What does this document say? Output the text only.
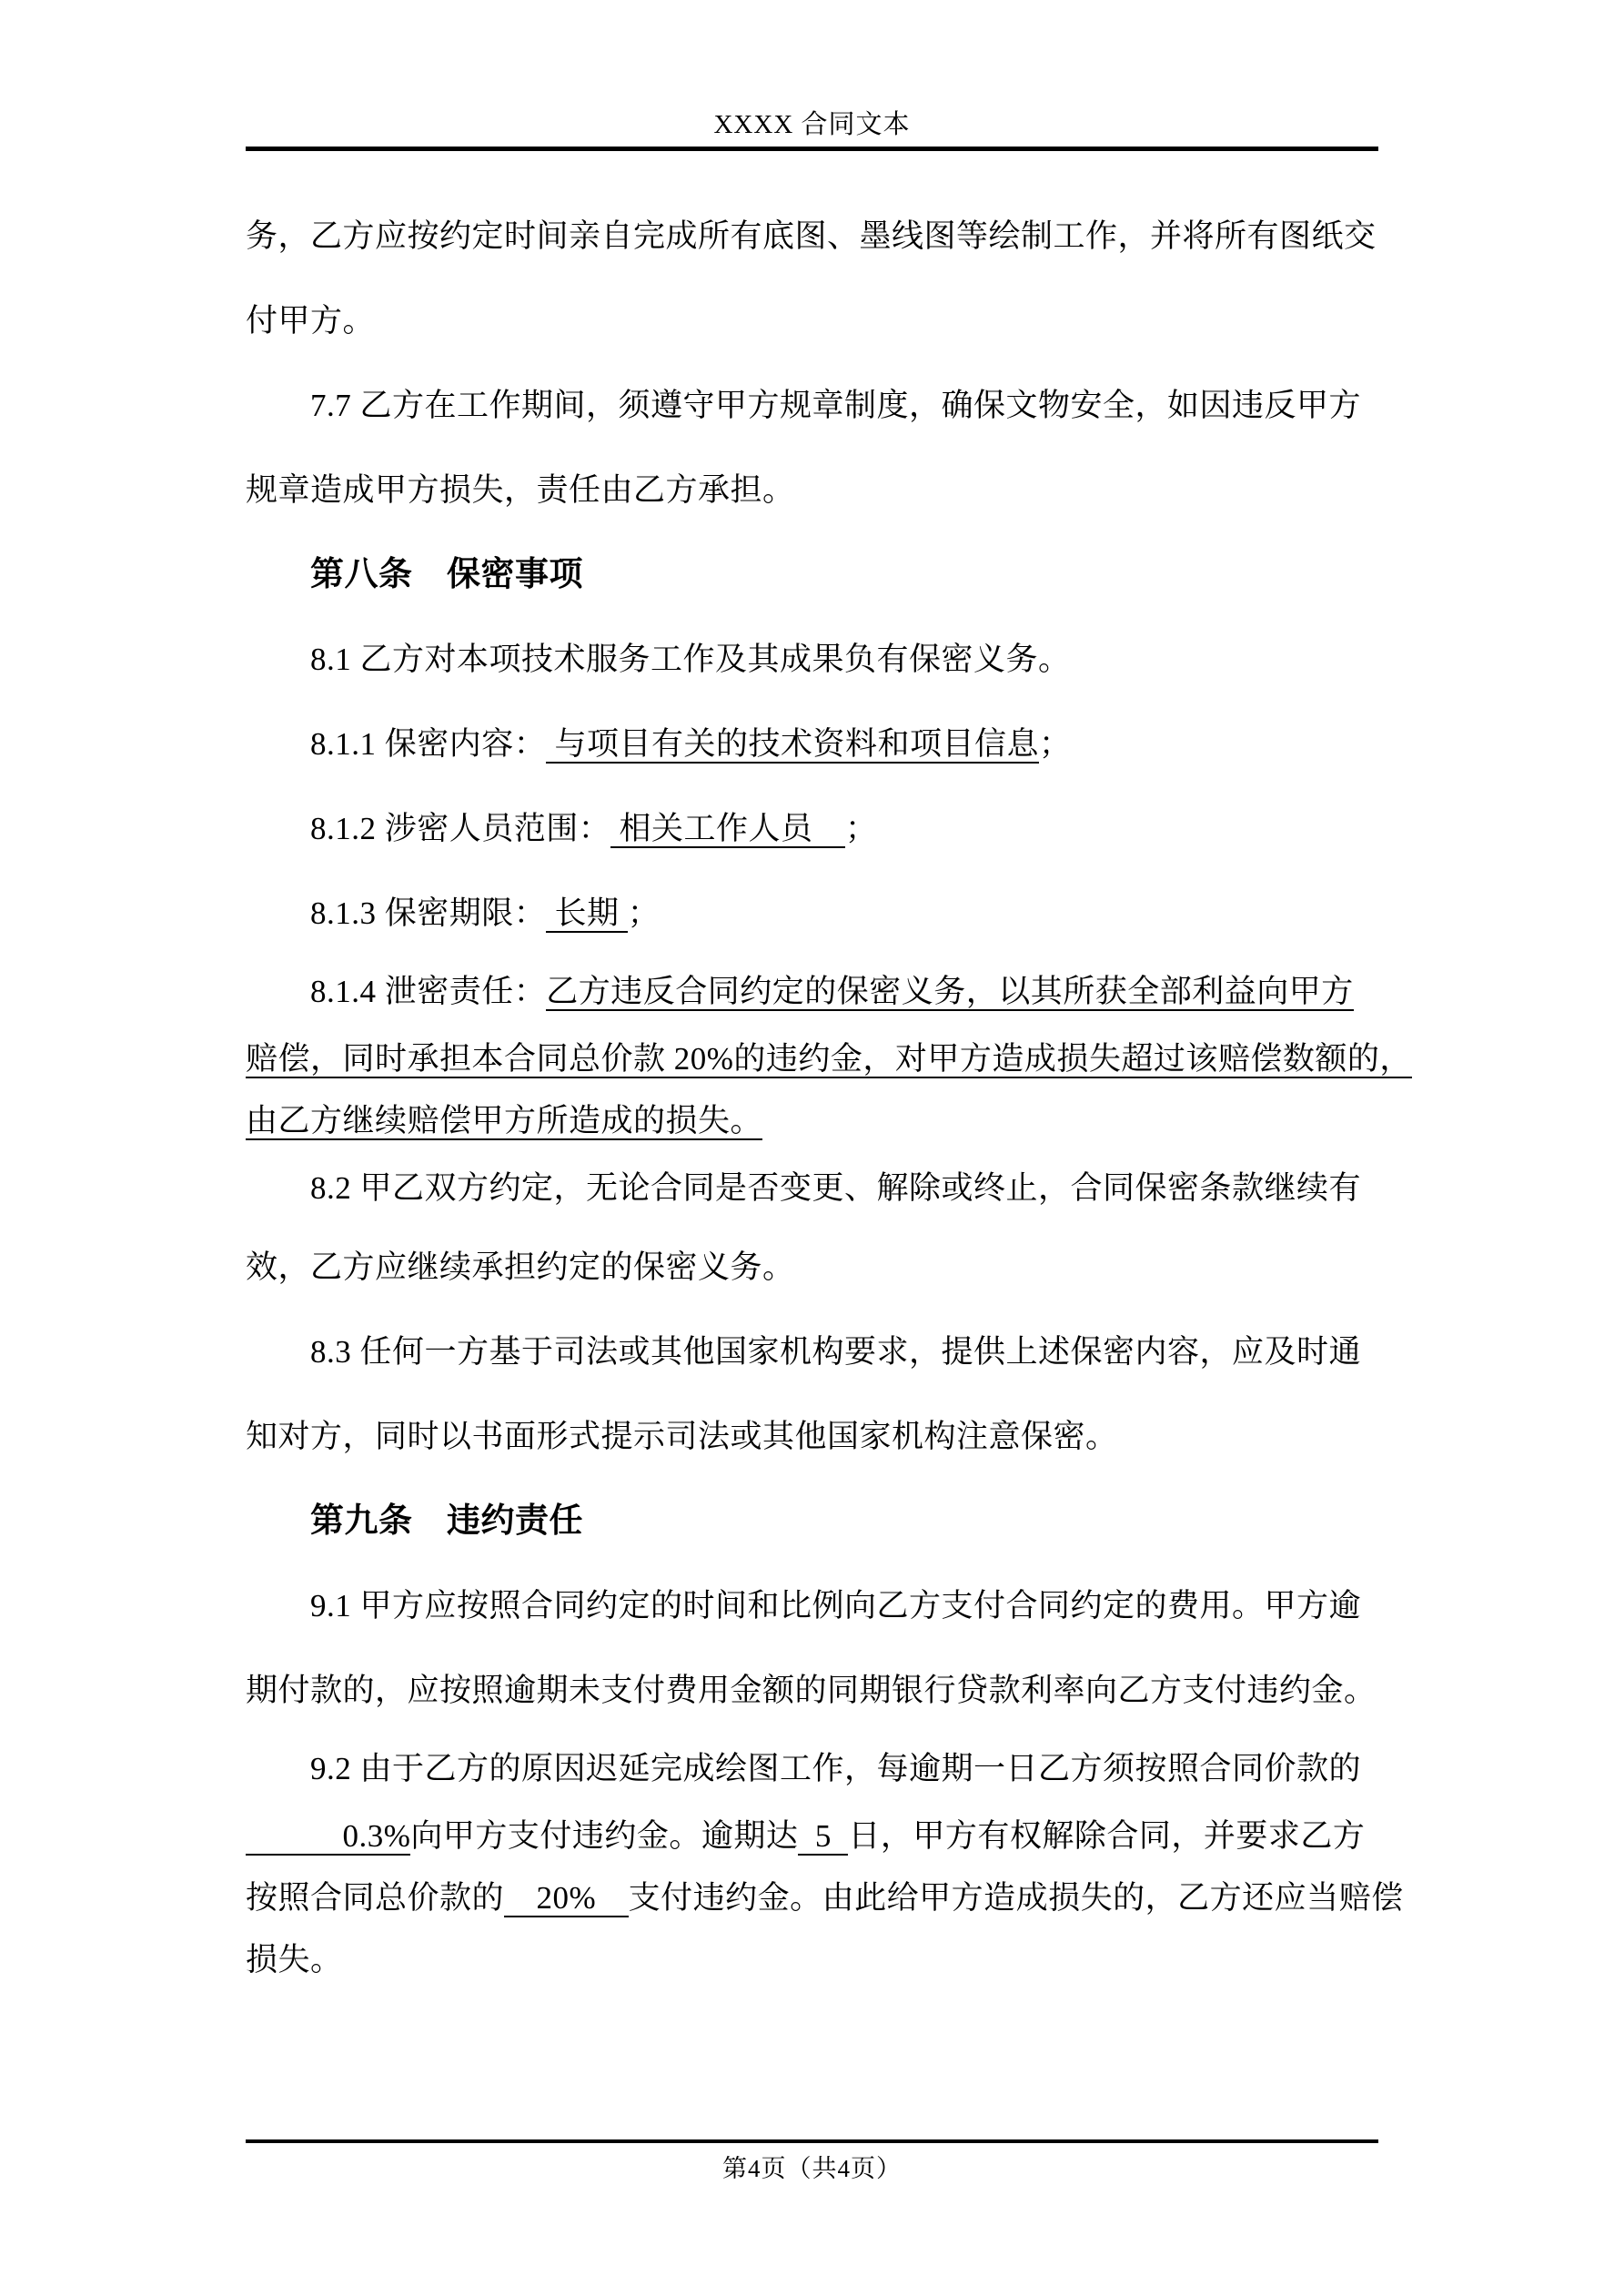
XXXX 合同文本
务，乙方应按约定时间亲自完成所有底图、墨线图等绘制工作，并将所有图纸交
付甲方。
7.7 乙方在工作期间，须遵守甲方规章制度，确保文物安全，如因违反甲方
规章造成甲方损失，责任由乙方承担。
第八条　保密事项
8.1 乙方对本项技术服务工作及其成果负有保密义务。
8.1.1 保密内容： 与项目有关的技术资料和项目信息；
8.1.2 涉密人员范围： 相关工作人员　；
8.1.3 保密期限： 长期 ；
8.1.4 泄密责任：乙方违反合同约定的保密义务，以其所获全部利益向甲方
赔偿，同时承担本合同总价款 20%的违约金，对甲方造成损失超过该赔偿数额的，
由乙方继续赔偿甲方所造成的损失。
8.2 甲乙双方约定，无论合同是否变更、解除或终止，合同保密条款继续有
效，乙方应继续承担约定的保密义务。
8.3 任何一方基于司法或其他国家机构要求，提供上述保密内容，应及时通
知对方，同时以书面形式提示司法或其他国家机构注意保密。
第九条　违约责任
9.1 甲方应按照合同约定的时间和比例向乙方支付合同约定的费用。甲方逾
期付款的，应按照逾期未支付费用金额的同期银行贷款利率向乙方支付违约金。
9.2 由于乙方的原因迟延完成绘图工作，每逾期一日乙方须按照合同价款的
　　　0.3%向甲方支付违约金。逾期达  5  日，甲方有权解除合同，并要求乙方
按照合同总价款的　20%　支付违约金。由此给甲方造成损失的，乙方还应当赔偿
损失。
第4页（共4页）
